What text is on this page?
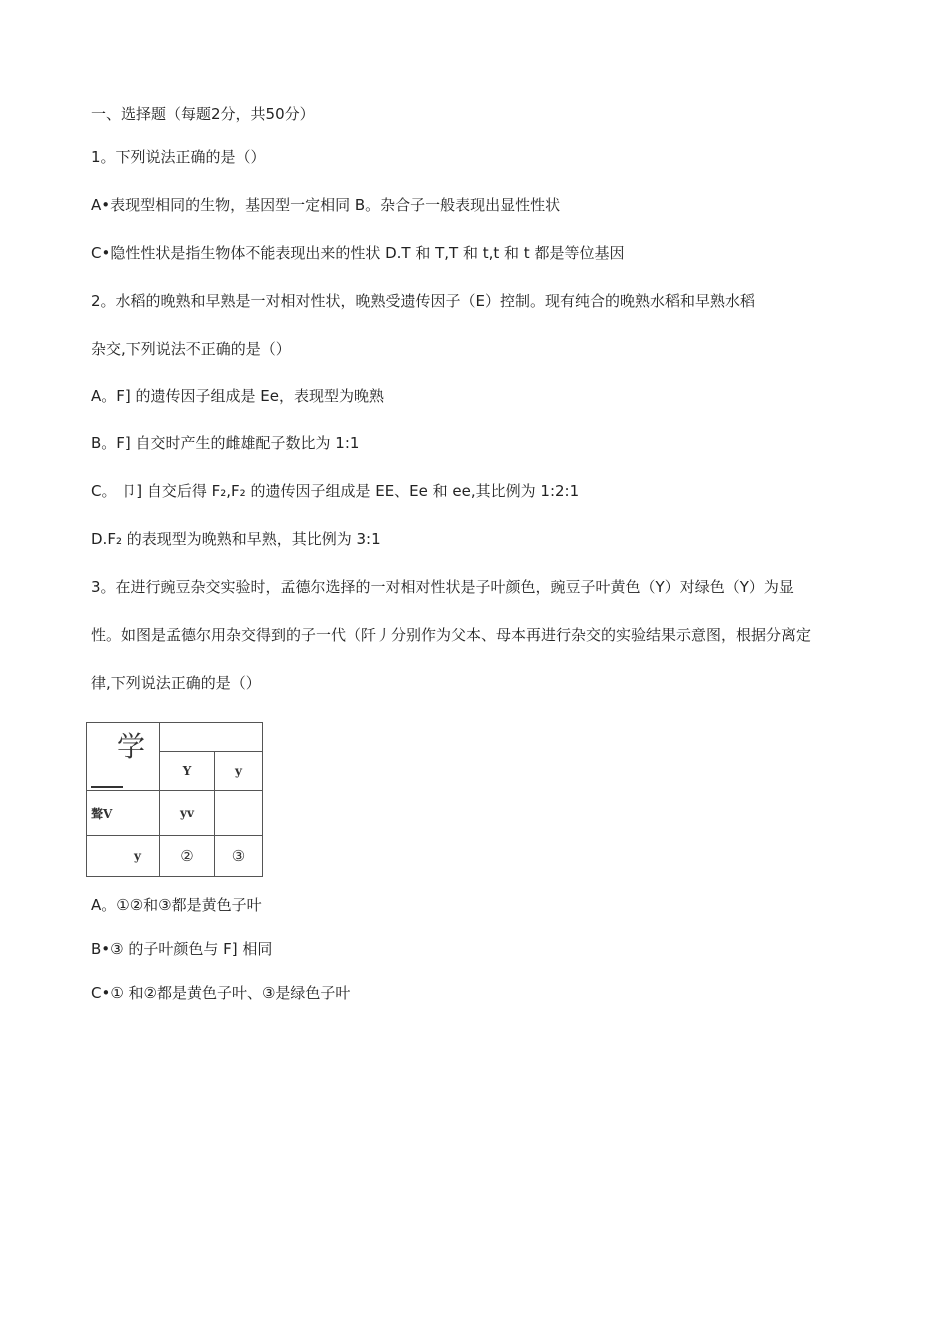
一、选择题（每题2分，共50分）
1。下列说法正确的是（）
A•表现型相同的生物，基因型一定相同 B。杂合子一般表现出显性性状
C•隐性性状是指生物体不能表现出来的性状 D.T 和 T,T 和 t,t 和 t 都是等位基因
2。水稻的晚熟和早熟是一对相对性状，晚熟受遗传因子（E）控制。现有纯合的晚熟水稻和早熟水稻
杂交,下列说法不正确的是（）
A。F] 的遗传因子组成是 Ee，表现型为晚熟
B。F] 自交时产生的雌雄配子数比为 1:1
C。 卩] 自交后得 F₂,F₂ 的遗传因子组成是 EE、Ee 和 ee,其比例为 1:2:1
D.F₂ 的表现型为晚熟和早熟，其比例为 3:1
3。在进行豌豆杂交实验时，孟德尔选择的一对相对性状是子叶颜色，豌豆子叶黄色（Y）对绿色（Y）为显
性。如图是孟德尔用杂交得到的子一代（阡丿分别作为父本、母本再进行杂交的实验结果示意图，根据分离定
律,下列说法正确的是（）
学		

	Y	y
聱V	yv	
y	②	③
A。①②和③都是黄色子叶
B•③ 的子叶颜色与 F] 相同
C•① 和②都是黄色子叶、③是绿色子叶
